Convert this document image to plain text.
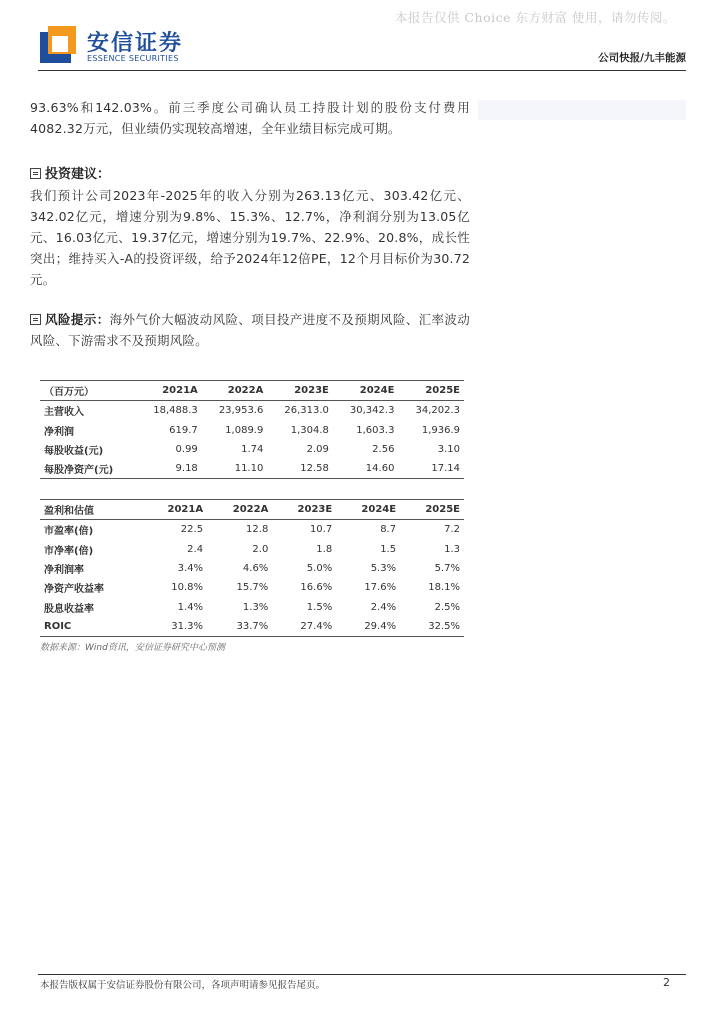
本报告仅供 Choice 东方财富 使用，请勿传阅。
安信证券
ESSENCE SECURITIES	公司快报/九丰能源
93.63%和142.03%。前三季度公司确认员工持股计划的股份支付费用4082.32万元，但业绩仍实现较高增速，全年业绩目标完成可期。
投资建议：
我们预计公司2023年-2025年的收入分别为263.13亿元、303.42亿元、342.02亿元，增速分别为9.8%、15.3%、12.7%，净利润分别为13.05亿元、16.03亿元、19.37亿元，增速分别为19.7%、22.9%、20.8%，成长性突出；维持买入-A的投资评级，给予2024年12倍PE，12个月目标价为30.72元。
风险提示：海外气价大幅波动风险、项目投产进度不及预期风险、汇率波动风险、下游需求不及预期风险。
（百万元）	2021A	2022A	2023E	2024E	2025E
主营收入	18,488.3	23,953.6	26,313.0	30,342.3	34,202.3
净利润	619.7	1,089.9	1,304.8	1,603.3	1,936.9
每股收益(元)	0.99	1.74	2.09	2.56	3.10
每股净资产(元)	9.18	11.10	12.58	14.60	17.14
盈利和估值	2021A	2022A	2023E	2024E	2025E
市盈率(倍)	22.5	12.8	10.7	8.7	7.2
市净率(倍)	2.4	2.0	1.8	1.5	1.3
净利润率	3.4%	4.6%	5.0%	5.3%	5.7%
净资产收益率	10.8%	15.7%	16.6%	17.6%	18.1%
股息收益率	1.4%	1.3%	1.5%	2.4%	2.5%
ROIC	31.3%	33.7%	27.4%	29.4%	32.5%
数据来源：Wind资讯，安信证券研究中心预测
本报告版权属于安信证券股份有限公司，各项声明请参见报告尾页。	2
